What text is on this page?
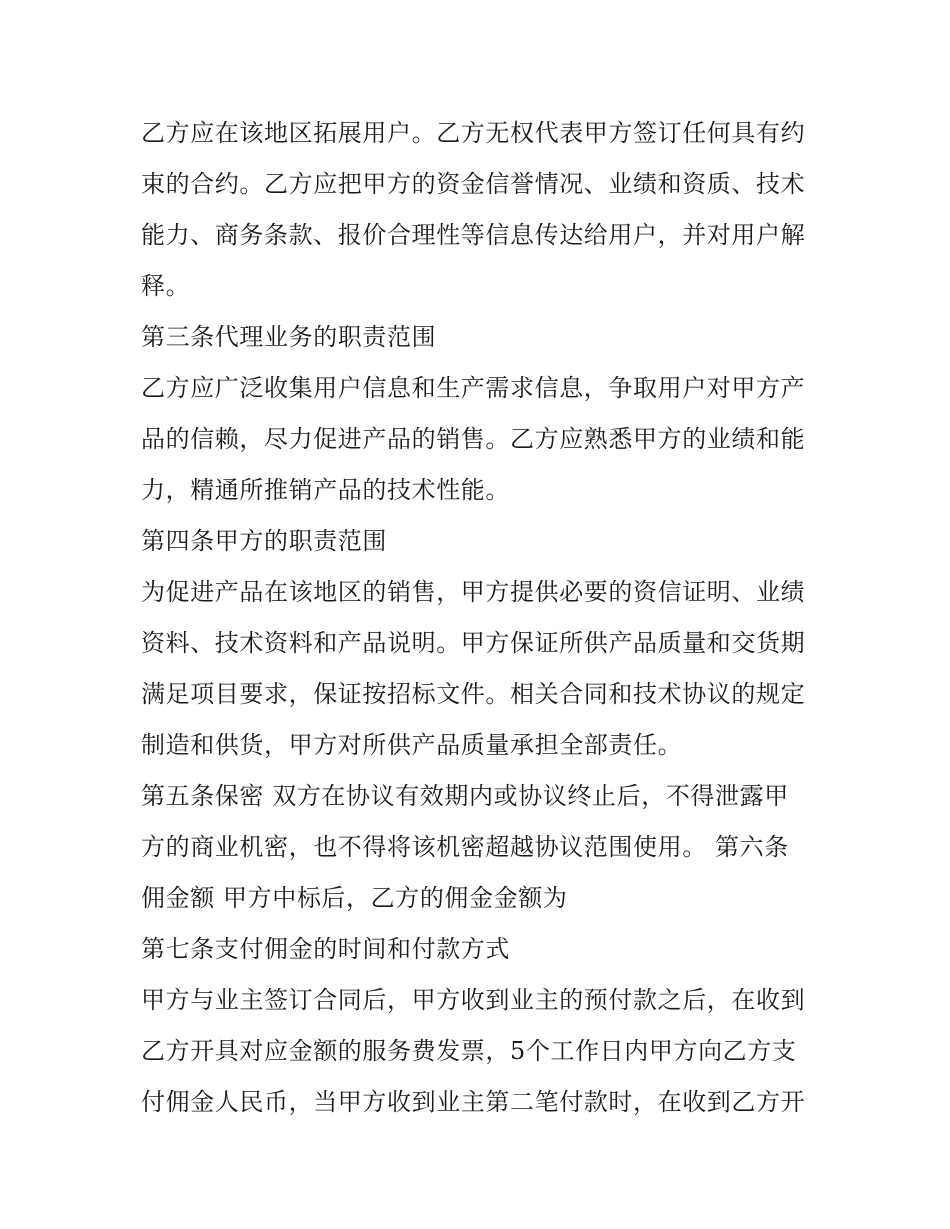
乙方应在该地区拓展用户。乙方无权代表甲方签订任何具有约
束的合约。乙方应把甲方的资金信誉情况、业绩和资质、技术
能力、商务条款、报价合理性等信息传达给用户，并对用户解
释。
第三条代理业务的职责范围
乙方应广泛收集用户信息和生产需求信息，争取用户对甲方产
品的信赖，尽力促进产品的销售。乙方应熟悉甲方的业绩和能
力，精通所推销产品的技术性能。
第四条甲方的职责范围
为促进产品在该地区的销售，甲方提供必要的资信证明、业绩
资料、技术资料和产品说明。甲方保证所供产品质量和交货期
满足项目要求，保证按招标文件。相关合同和技术协议的规定
制造和供货，甲方对所供产品质量承担全部责任。
第五条保密 双方在协议有效期内或协议终止后，不得泄露甲
方的商业机密，也不得将该机密超越协议范围使用。 第六条
佣金额 甲方中标后，乙方的佣金金额为
第七条支付佣金的时间和付款方式
甲方与业主签订合同后，甲方收到业主的预付款之后，在收到
乙方开具对应金额的服务费发票，5个工作日内甲方向乙方支
付佣金人民币，当甲方收到业主第二笔付款时，在收到乙方开
